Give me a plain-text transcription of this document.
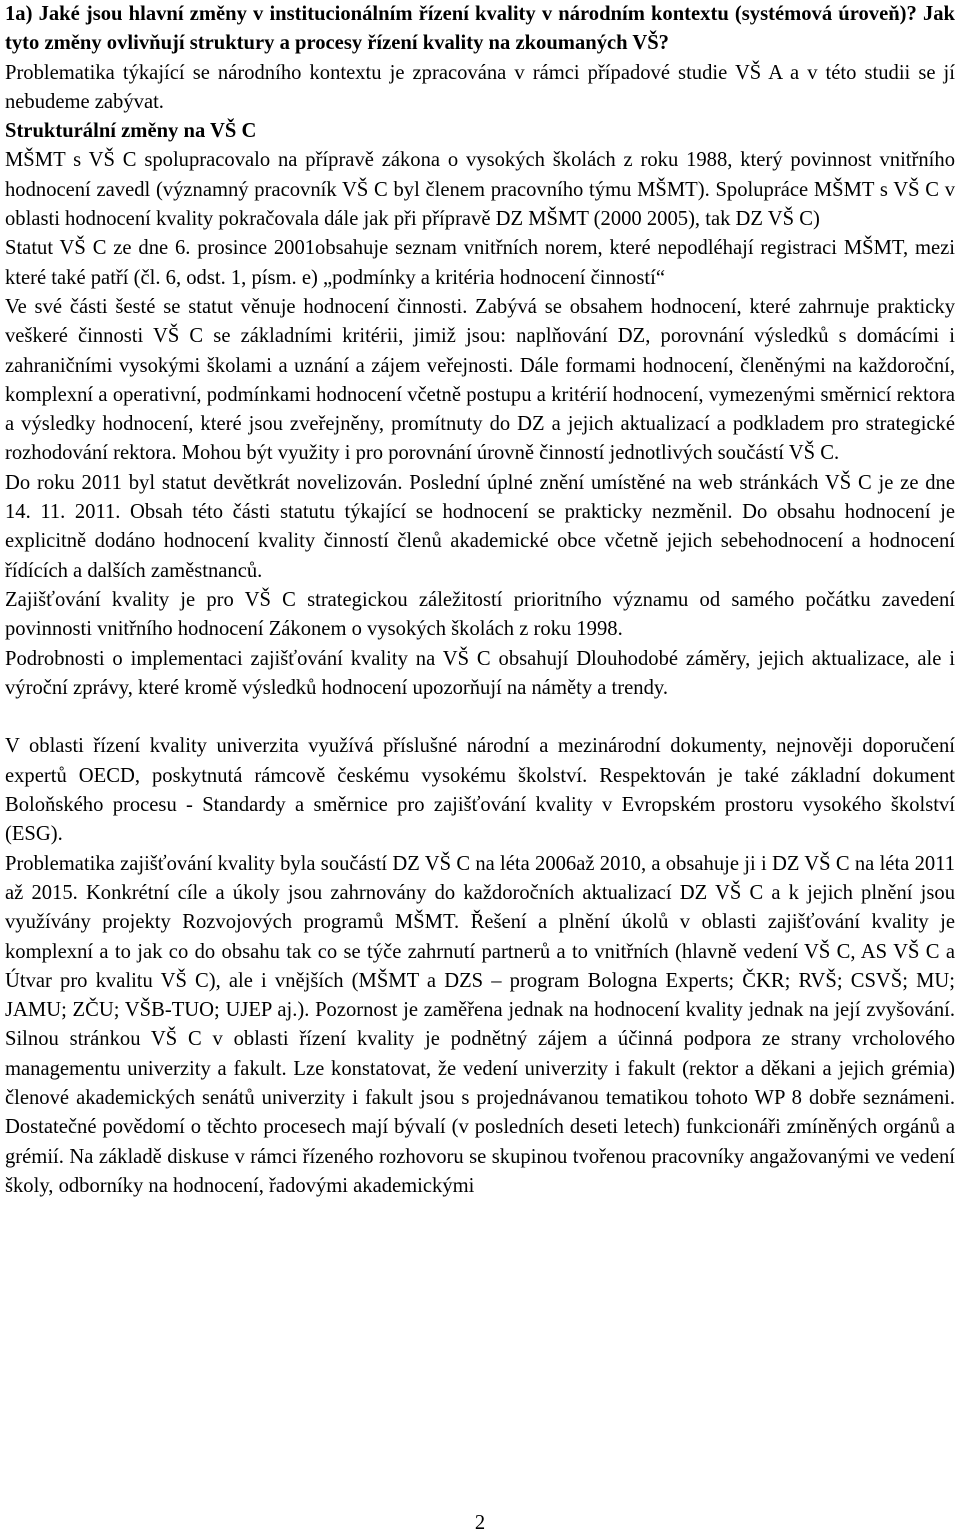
1a) Jaké jsou hlavní změny v institucionálním řízení kvality v národním kontextu (systémová úroveň)? Jak tyto změny ovlivňují struktury a procesy řízení kvality na zkoumaných VŠ?

Problematika týkající se národního kontextu je zpracována v rámci případové studie VŠ A a v této studii se jí nebudeme zabývat.

Strukturální změny na VŠ C

MŠMT s VŠ C spolupracovalo na přípravě zákona o vysokých školách z roku 1988, který povinnost vnitřního hodnocení zavedl (významný pracovník VŠ C byl členem pracovního týmu MŠMT). Spolupráce MŠMT s VŠ C v oblasti hodnocení kvality pokračovala dále jak při přípravě DZ MŠMT (2000 2005), tak DZ VŠ C)

Statut VŠ C ze dne 6. prosince 2001obsahuje seznam vnitřních norem, které nepodléhají registraci MŠMT, mezi které také patří (čl. 6, odst. 1, písm. e) „podmínky a kritéria hodnocení činností“

Ve své části šesté se statut věnuje hodnocení činnosti. Zabývá se obsahem hodnocení, které zahrnuje prakticky veškeré činnosti VŠ C se základními kritérii, jimiž jsou: naplňování DZ, porovnání výsledků s domácími i zahraničními vysokými školami a uznání a zájem veřejnosti. Dále formami hodnocení, členěnými na každoroční, komplexní a operativní, podmínkami hodnocení včetně postupu a kritérií hodnocení, vymezenými směrnicí rektora a výsledky hodnocení, které jsou zveřejněny, promítnuty do DZ a jejich aktualizací a podkladem pro strategické rozhodování rektora. Mohou být využity i pro porovnání úrovně činností jednotlivých součástí VŠ C.

Do roku 2011 byl statut devětkrát novelizován. Poslední úplné znění umístěné na web stránkách VŠ C je ze dne 14. 11. 2011. Obsah této části statutu týkající se hodnocení se prakticky nezměnil. Do obsahu hodnocení je explicitně dodáno hodnocení kvality činností členů akademické obce včetně jejich sebehodnocení a hodnocení řídících a dalších zaměstnanců.

Zajišťování kvality je pro VŠ C strategickou záležitostí prioritního významu od samého počátku zavedení povinnosti vnitřního hodnocení Zákonem o vysokých školách z roku 1998.

Podrobnosti o implementaci zajišťování kvality na VŠ C obsahují Dlouhodobé záměry, jejich aktualizace, ale i výroční zprávy, které kromě výsledků hodnocení upozorňují na náměty a trendy.

V oblasti řízení kvality univerzita využívá příslušné národní a mezinárodní dokumenty, nejnověji doporučení expertů OECD, poskytnutá rámcově českému vysokému školství. Respektován je také základní dokument Boloňského procesu - Standardy a směrnice pro zajišťování kvality v Evropském prostoru vysokého školství (ESG).

Problematika zajišťování kvality byla součástí DZ VŠ C na léta 2006až 2010, a obsahuje ji i DZ VŠ C na léta 2011 až 2015. Konkrétní cíle a úkoly jsou zahrnovány do každoročních aktualizací DZ VŠ C a k jejich plnění jsou využívány projekty Rozvojových programů MŠMT. Řešení a plnění úkolů v oblasti zajišťování kvality je komplexní a to jak co do obsahu tak co se týče zahrnutí partnerů a to vnitřních (hlavně vedení VŠ C, AS VŠ C a Útvar pro kvalitu VŠ C), ale i vnějších (MŠMT a DZS – program Bologna Experts; ČKR; RVŠ; CSVŠ; MU; JAMU; ZČU; VŠB-TUO; UJEP aj.). Pozornost je zaměřena jednak na hodnocení kvality jednak na její zvyšování. Silnou stránkou VŠ C v oblasti řízení kvality je podnětný zájem a účinná podpora ze strany vrcholového managementu univerzity a fakult. Lze konstatovat, že vedení univerzity i fakult (rektor a děkani a jejich grémia) členové akademických senátů univerzity i fakult jsou s projednávanou tematikou tohoto WP 8 dobře seznámeni. Dostatečné povědomí o těchto procesech mají bývalí (v posledních deseti letech) funkcionáři zmíněných orgánů a grémií. Na základě diskuse v rámci řízeného rozhovoru se skupinou tvořenou pracovníky angažovanými ve vedení školy, odborníky na hodnocení, řadovými akademickými

2
